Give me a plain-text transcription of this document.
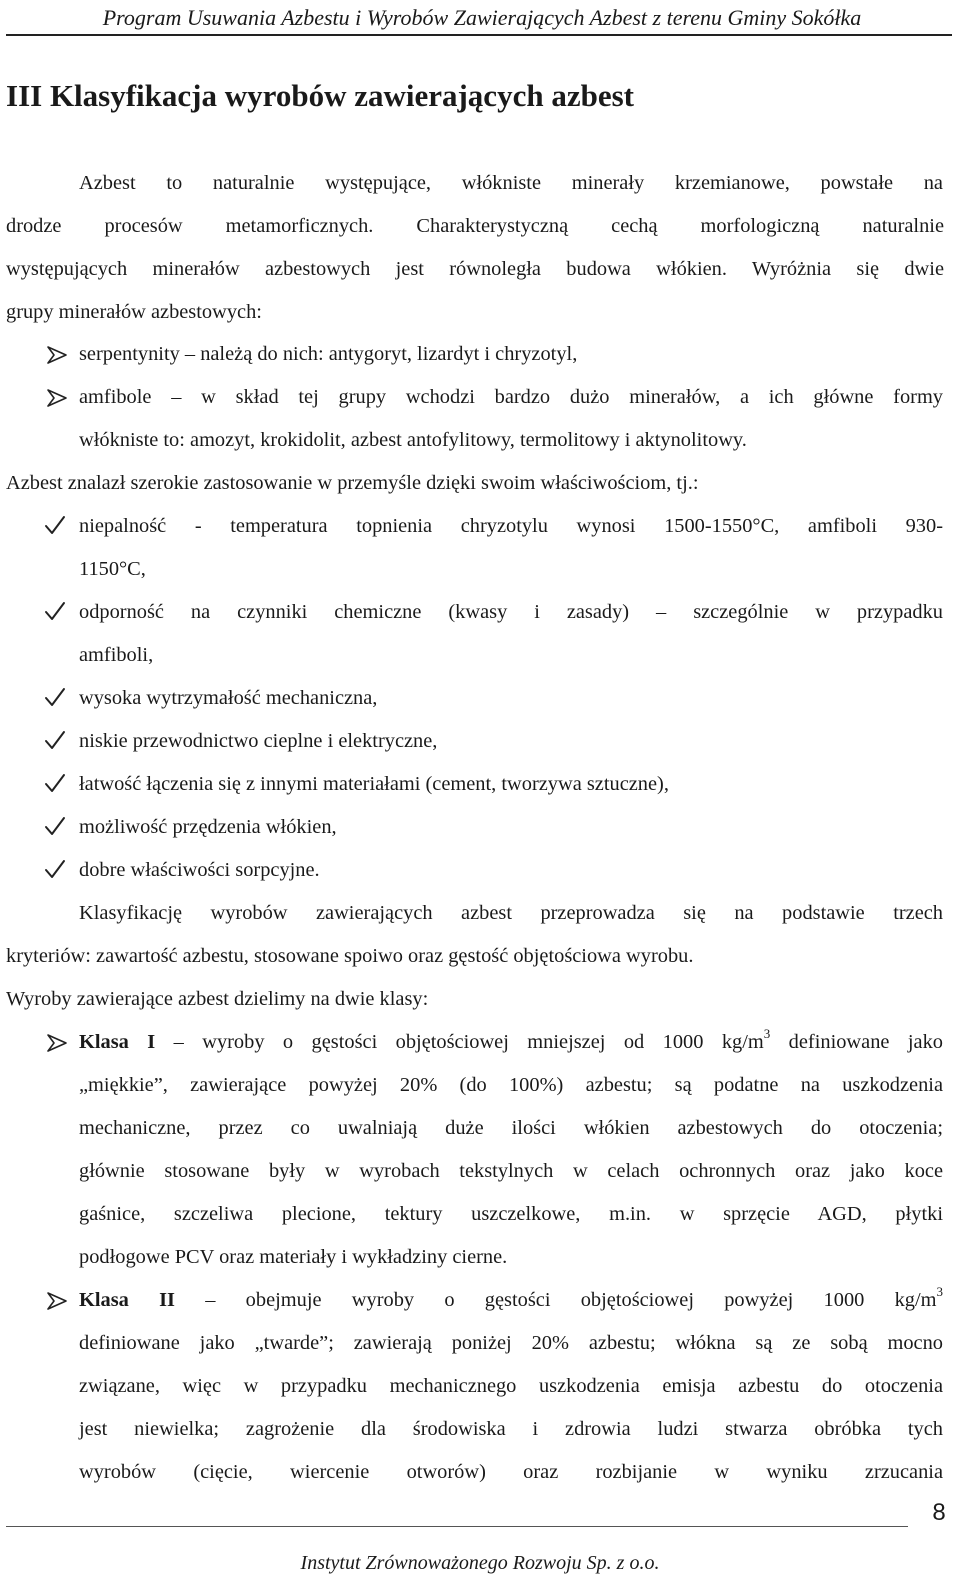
Program Usuwania Azbestu i Wyrobów Zawierających Azbest z terenu Gminy Sokółka
III Klasyfikacja wyrobów zawierających azbest
Azbest to naturalnie występujące, włókniste minerały krzemianowe, powstałe na
drodze procesów metamorficznych. Charakterystyczną cechą morfologiczną naturalnie
występujących minerałów azbestowych jest równoległa budowa włókien. Wyróżnia się dwie
grupy minerałów azbestowych:
serpentynity – należą do nich: antygoryt, lizardyt i chryzotyl,
amfibole – w skład tej grupy wchodzi bardzo dużo minerałów, a ich główne formy
włókniste to: amozyt, krokidolit, azbest antofylitowy, termolitowy i aktynolitowy.
Azbest znalazł szerokie zastosowanie w przemyśle dzięki swoim właściwościom, tj.:
niepalność - temperatura topnienia chryzotylu wynosi 1500-1550°C, amfiboli 930-
1150°C,
odporność na czynniki chemiczne (kwasy i zasady) – szczególnie w przypadku
amfiboli,
wysoka wytrzymałość mechaniczna,
niskie przewodnictwo cieplne i elektryczne,
łatwość łączenia się z innymi materiałami (cement, tworzywa sztuczne),
możliwość przędzenia włókien,
dobre właściwości sorpcyjne.
Klasyfikację wyrobów zawierających azbest przeprowadza się na podstawie trzech
kryteriów: zawartość azbestu, stosowane spoiwo oraz gęstość objętościowa wyrobu.
Wyroby zawierające azbest dzielimy na dwie klasy:
Klasa I – wyroby o gęstości objętościowej mniejszej od 1000 $kg/m^3$ definiowane jako
„miękkie”, zawierające powyżej 20% (do 100%) azbestu; są podatne na uszkodzenia
mechaniczne, przez co uwalniają duże ilości włókien azbestowych do otoczenia;
głównie stosowane były w wyrobach tekstylnych w celach ochronnych oraz jako koce
gaśnice, szczeliwa plecione, tektury uszczelkowe, m.in. w sprzęcie AGD, płytki
podłogowe PCV oraz materiały i wykładziny cierne.
Klasa II – obejmuje wyroby o gęstości objętościowej powyżej 1000 $kg/m^3$
definiowane jako „twarde”; zawierają poniżej 20% azbestu; włókna są ze sobą mocno
związane, więc w przypadku mechanicznego uszkodzenia emisja azbestu do otoczenia
jest niewielka; zagrożenie dla środowiska i zdrowia ludzi stwarza obróbka tych
wyrobów (cięcie, wiercenie otworów) oraz rozbijanie w wyniku zrzucania
8
Instytut Zrównoważonego Rozwoju Sp. z o.o.
